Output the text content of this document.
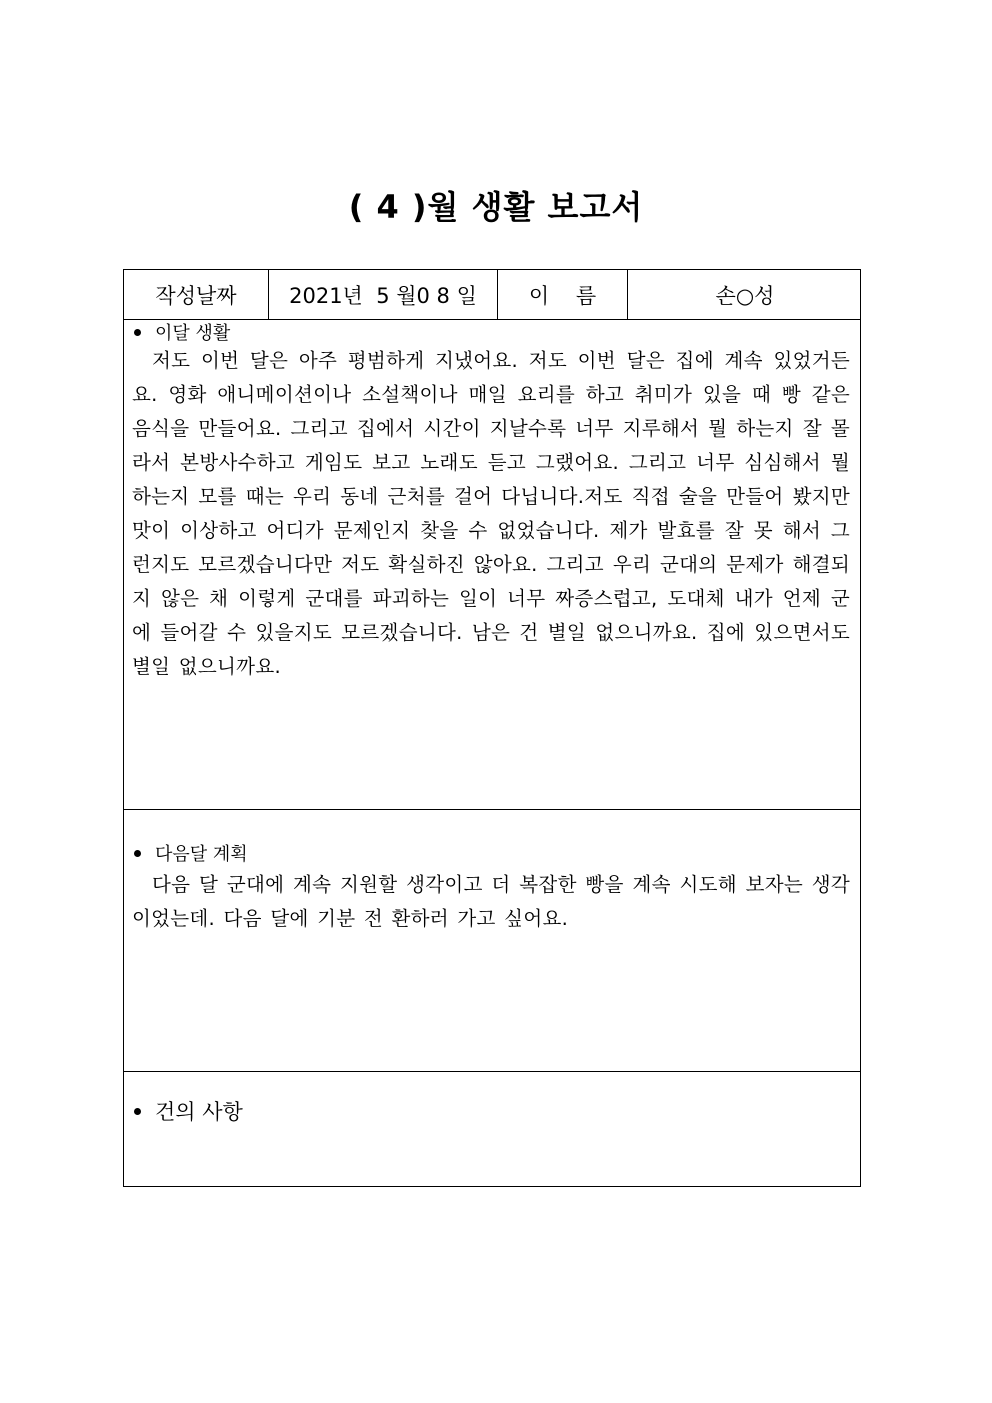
( 4 )월 생활 보고서
작성날짜	2021년  5 월0 8 일	이    름	손○성
이달 생활
저도 이번 달은 아주 평범하게 지냈어요. 저도 이번 달은 집에 계속 있었거든요. 영화 애니메이션이나 소설책이나 매일 요리를 하고 취미가 있을 때 빵 같은 음식을 만들어요. 그리고 집에서 시간이 지날수록 너무 지루해서 뭘 하는지 잘 몰라서 본방사수하고 게임도 보고 노래도 듣고 그랬어요. 그리고 너무 심심해서 뭘 하는지 모를 때는 우리 동네 근처를 걸어 다닙니다.저도 직접 술을 만들어 봤지만 맛이 이상하고 어디가 문제인지 찾을 수 없었습니다. 제가 발효를 잘 못 해서 그런지도 모르겠습니다만 저도 확실하진 않아요. 그리고 우리 군대의 문제가 해결되지 않은 채 이렇게 군대를 파괴하는 일이 너무 짜증스럽고, 도대체 내가 언제 군에 들어갈 수 있을지도 모르겠습니다. 남은 건 별일 없으니까요. 집에 있으면서도 별일 없으니까요.
다음달 계획
다음 달 군대에 계속 지원할 생각이고 더 복잡한 빵을 계속 시도해 보자는 생각이었는데. 다음 달에 기분 전 환하러 가고 싶어요.
건의 사항
